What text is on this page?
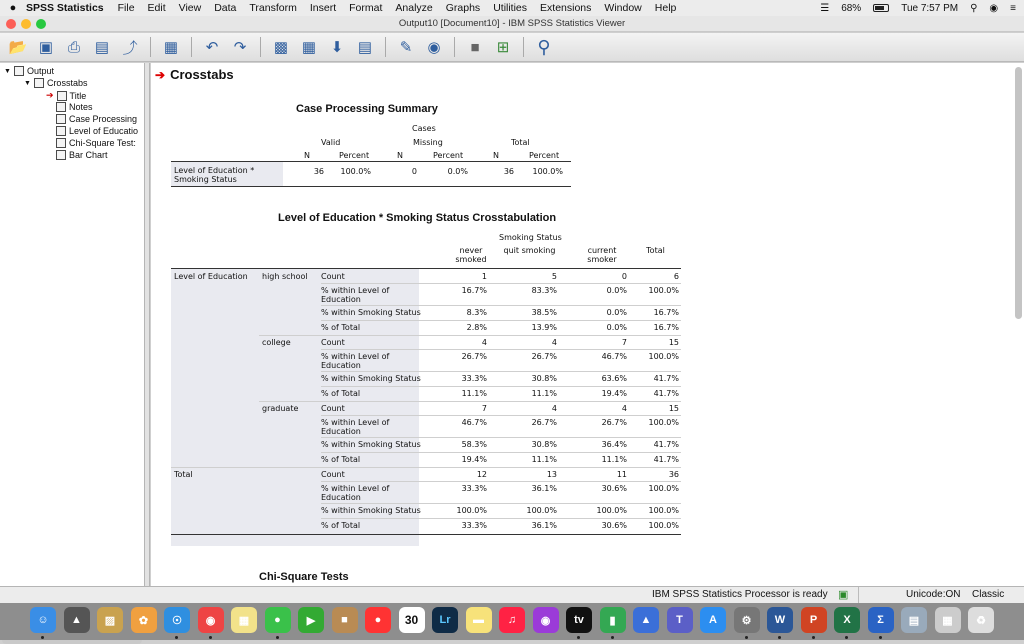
● SPSS Statistics File Edit View Data Transform Insert Format Analyze Graphs Utilities Extensions Window Help	☰ 68%	Tue 7:57 PM ⚲ ◉ ≡
Output10 [Document10] - IBM SPSS Statistics Viewer
📂 ▣ ⎙ ▤ ⤴	▦	↶	↷	▩ ▦ ⬇ ▤	✎	◉	■	⊞	⚲
▼ Output
▼ Crosstabs
➔ Title
Notes
Case Processing
Level of Educatio
Chi-Square Test:
Bar Chart
➔ Crosstabs
Case Processing Summary
Cases
Valid	Missing	Total
N	Percent	N	Percent	N	Percent
Level of Education *
Smoking Status
36	100.0%	0	0.0%	36	100.0%
Level of Education * Smoking Status Crosstabulation
Smoking Status
never
smoked
quit smoking	current
smoker
Total
Level of Education high school Count	1	5	0	6
% within Level of
Education
16.7%	83.3%	0.0%	100.0%
% within Smoking Status	8.3%	38.5%	0.0%	16.7%
% of Total	2.8%	13.9%	0.0%	16.7%
college	Count	4	4	7	15
% within Level of
Education
26.7%	26.7%	46.7%	100.0%
% within Smoking Status	33.3%	30.8%	63.6%	41.7%
% of Total	11.1%	11.1%	19.4%	41.7%
graduate	Count	7	4	4	15
% within Level of
Education
46.7%	26.7%	26.7%	100.0%
% within Smoking Status	58.3%	30.8%	36.4%	41.7%
% of Total	19.4%	11.1%	11.1%	41.7%
Total	Count	12	13	11	36
% within Level of
Education
33.3%	36.1%	30.6%	100.0%
% within Smoking Status	100.0%	100.0%	100.0%	100.0%
% of Total	33.3%	36.1%	30.6%	100.0%
Chi-Square Tests
IBM SPSS Statistics Processor is ready ▣	Unicode:ON Classic
☺	▲	▨	✿	☉	◉	▦	●	▶	■	●	30 Lr	▬	♫	◉	tv	▮	▲	T	A	⚙	W	P	X	Σ	▤	▦	♻
